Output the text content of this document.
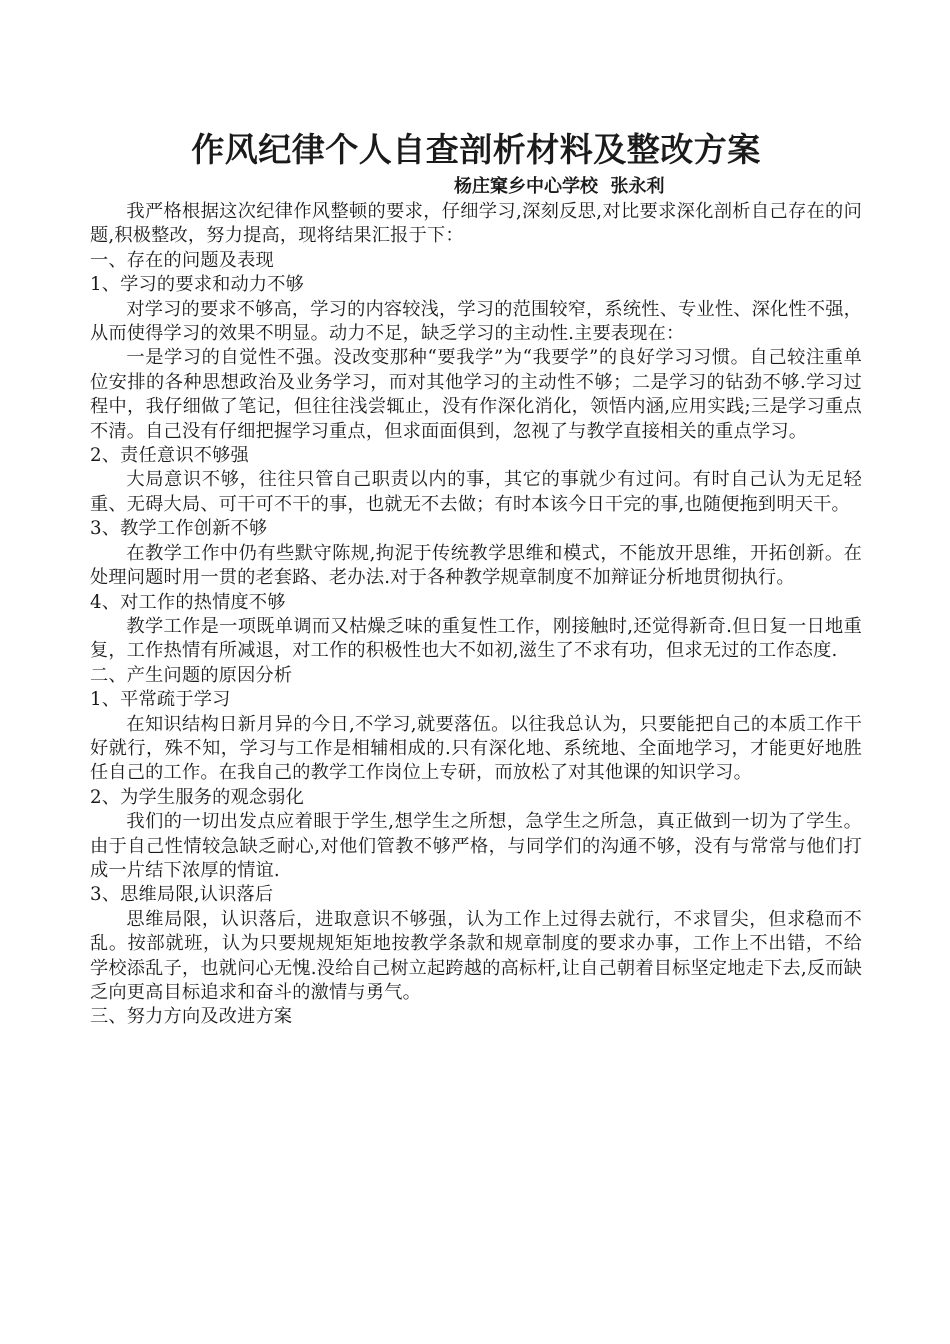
作风纪律个人自查剖析材料及整改方案

杨庄窠乡中心学校  张永利

我严格根据这次纪律作风整顿的要求，仔细学习,深刻反思,对比要求深化剖析自己存在的问题,积极整改，努力提高，现将结果汇报于下：

一、存在的问题及表现

1、学习的要求和动力不够

对学习的要求不够高，学习的内容较浅，学习的范围较窄，系统性、专业性、深化性不强，从而使得学习的效果不明显。动力不足，缺乏学习的主动性.主要表现在：

一是学习的自觉性不强。没改变那种“要我学”为“我要学”的良好学习习惯。自己较注重单位安排的各种思想政治及业务学习，而对其他学习的主动性不够；二是学习的钻劲不够.学习过程中，我仔细做了笔记，但往往浅尝辄止，没有作深化消化，领悟内涵,应用实践;三是学习重点不清。自己没有仔细把握学习重点，但求面面俱到，忽视了与教学直接相关的重点学习。

2、责任意识不够强

大局意识不够，往往只管自己职责以内的事，其它的事就少有过问。有时自己认为无足轻重、无碍大局、可干可不干的事，也就无不去做；有时本该今日干完的事,也随便拖到明天干。

3、教学工作创新不够

在教学工作中仍有些默守陈规,拘泥于传统教学思维和模式，不能放开思维，开拓创新。在处理问题时用一贯的老套路、老办法.对于各种教学规章制度不加辩证分析地贯彻执行。

4、对工作的热情度不够

教学工作是一项既单调而又枯燥乏味的重复性工作，刚接触时,还觉得新奇.但日复一日地重复，工作热情有所减退，对工作的积极性也大不如初,滋生了不求有功，但求无过的工作态度.

二、产生问题的原因分析

1、平常疏于学习

在知识结构日新月异的今日,不学习,就要落伍。以往我总认为，只要能把自己的本质工作干好就行，殊不知，学习与工作是相辅相成的.只有深化地、系统地、全面地学习，才能更好地胜任自己的工作。在我自己的教学工作岗位上专研，而放松了对其他课的知识学习。

2、为学生服务的观念弱化

我们的一切出发点应着眼于学生,想学生之所想，急学生之所急，真正做到一切为了学生。由于自己性情较急缺乏耐心,对他们管教不够严格，与同学们的沟通不够，没有与常常与他们打成一片结下浓厚的情谊.

3、思维局限,认识落后

思维局限，认识落后，进取意识不够强，认为工作上过得去就行，不求冒尖，但求稳而不乱。按部就班，认为只要规规矩矩地按教学条款和规章制度的要求办事，工作上不出错，不给学校添乱子，也就问心无愧.没给自己树立起跨越的高标杆,让自己朝着目标坚定地走下去,反而缺乏向更高目标追求和奋斗的激情与勇气。

三、努力方向及改进方案
